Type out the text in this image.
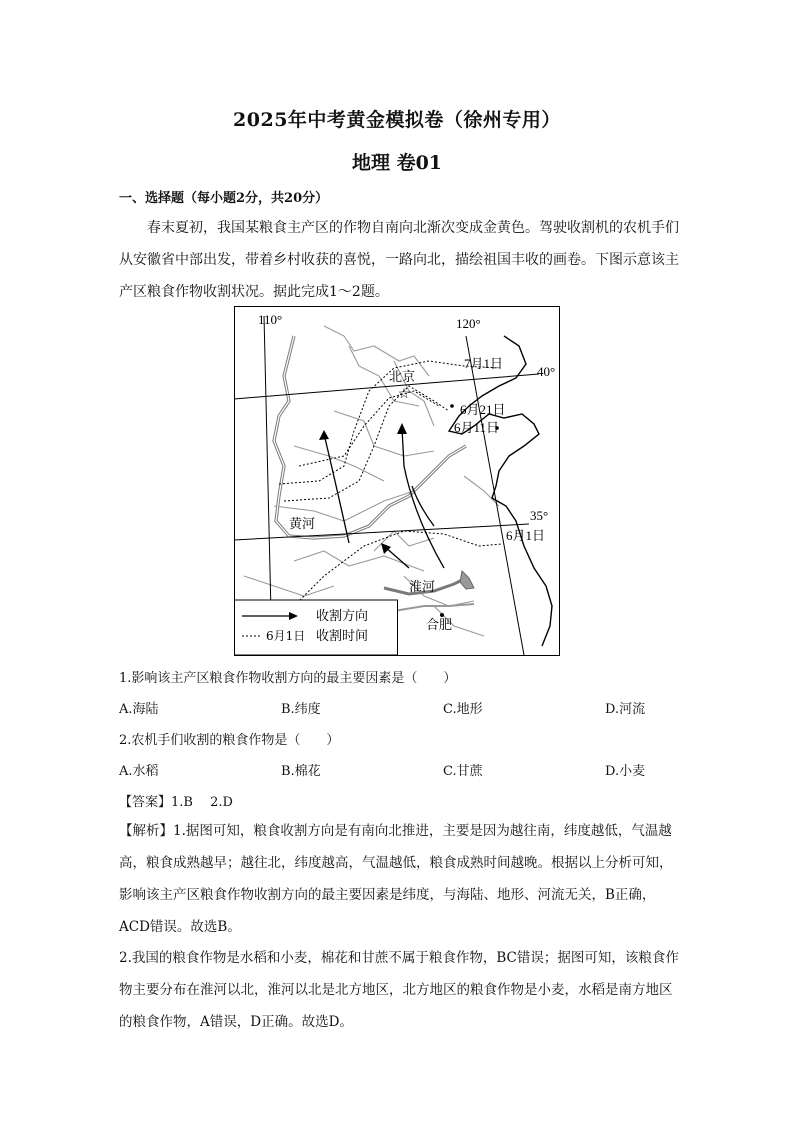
2025年中考黄金模拟卷（徐州专用）
地理 卷01
一、选择题（每小题2分，共20分）
春末夏初，我国某粮食主产区的作物自南向北渐次变成金黄色。驾驶收割机的农机手们从安徽省中部出发，带着乡村收获的喜悦，一路向北，描绘祖国丰收的画卷。下图示意该主产区粮食作物收割状况。据此完成1～2题。
☆
110°	120°
40°
35°
北京
7月1日
6月21日
6月11日
6月1日
黄河
淮河
合肥
收割方向
6月1日 收割时间
1.影响该主产区粮食作物收割方向的最主要因素是（　　）
A.海陆	B.纬度	C.地形	D.河流
2.农机手们收割的粮食作物是（　　）
A.水稻	B.棉花	C.甘蔗	D.小麦
【答案】1.B　 2.D
【解析】1.据图可知，粮食收割方向是有南向北推进，主要是因为越往南，纬度越低，气温越高，粮食成熟越早；越往北，纬度越高，气温越低，粮食成熟时间越晚。根据以上分析可知，影响该主产区粮食作物收割方向的最主要因素是纬度，与海陆、地形、河流无关，B正确，ACD错误。故选B。
2.我国的粮食作物是水稻和小麦，棉花和甘蔗不属于粮食作物，BC错误；据图可知，该粮食作物主要分布在淮河以北，淮河以北是北方地区，北方地区的粮食作物是小麦，水稻是南方地区的粮食作物，A错误，D正确。故选D。
